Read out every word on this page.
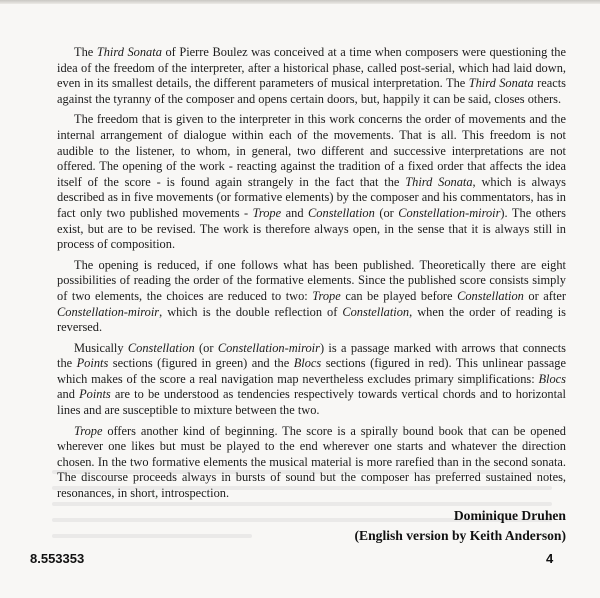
The Third Sonata of Pierre Boulez was conceived at a time when composers were questioning the idea of the freedom of the interpreter, after a historical phase, called post-serial, which had laid down, even in its smallest details, the different parameters of musical interpretation. The Third Sonata reacts against the tyranny of the composer and opens certain doors, but, happily it can be said, closes others.

The freedom that is given to the interpreter in this work concerns the order of movements and the internal arrangement of dialogue within each of the movements. That is all. This freedom is not audible to the listener, to whom, in general, two different and successive interpretations are not offered. The opening of the work - reacting against the tradition of a fixed order that affects the idea itself of the score - is found again strangely in the fact that the Third Sonata, which is always described as in five movements (or formative elements) by the composer and his commentators, has in fact only two published movements - Trope and Constellation (or Constellation-miroir). The others exist, but are to be revised. The work is therefore always open, in the sense that it is always still in process of composition.

The opening is reduced, if one follows what has been published. Theoretically there are eight possibilities of reading the order of the formative elements. Since the published score consists simply of two elements, the choices are reduced to two: Trope can be played before Constellation or after Constellation-miroir, which is the double reflection of Constellation, when the order of reading is reversed.

Musically Constellation (or Constellation-miroir) is a passage marked with arrows that connects the Points sections (figured in green) and the Blocs sections (figured in red). This unlinear passage which makes of the score a real navigation map nevertheless excludes primary simplifications: Blocs and Points are to be understood as tendencies respectively towards vertical chords and to horizontal lines and are susceptible to mixture between the two.

Trope offers another kind of beginning. The score is a spirally bound book that can be opened wherever one likes but must be played to the end wherever one starts and whatever the direction chosen. In the two formative elements the musical material is more rarefied than in the second sonata. The discourse proceeds always in bursts of sound but the composer has preferred sustained notes, resonances, in short, introspection.

Dominique Druhen
(English version by Keith Anderson)
8.553353	4
